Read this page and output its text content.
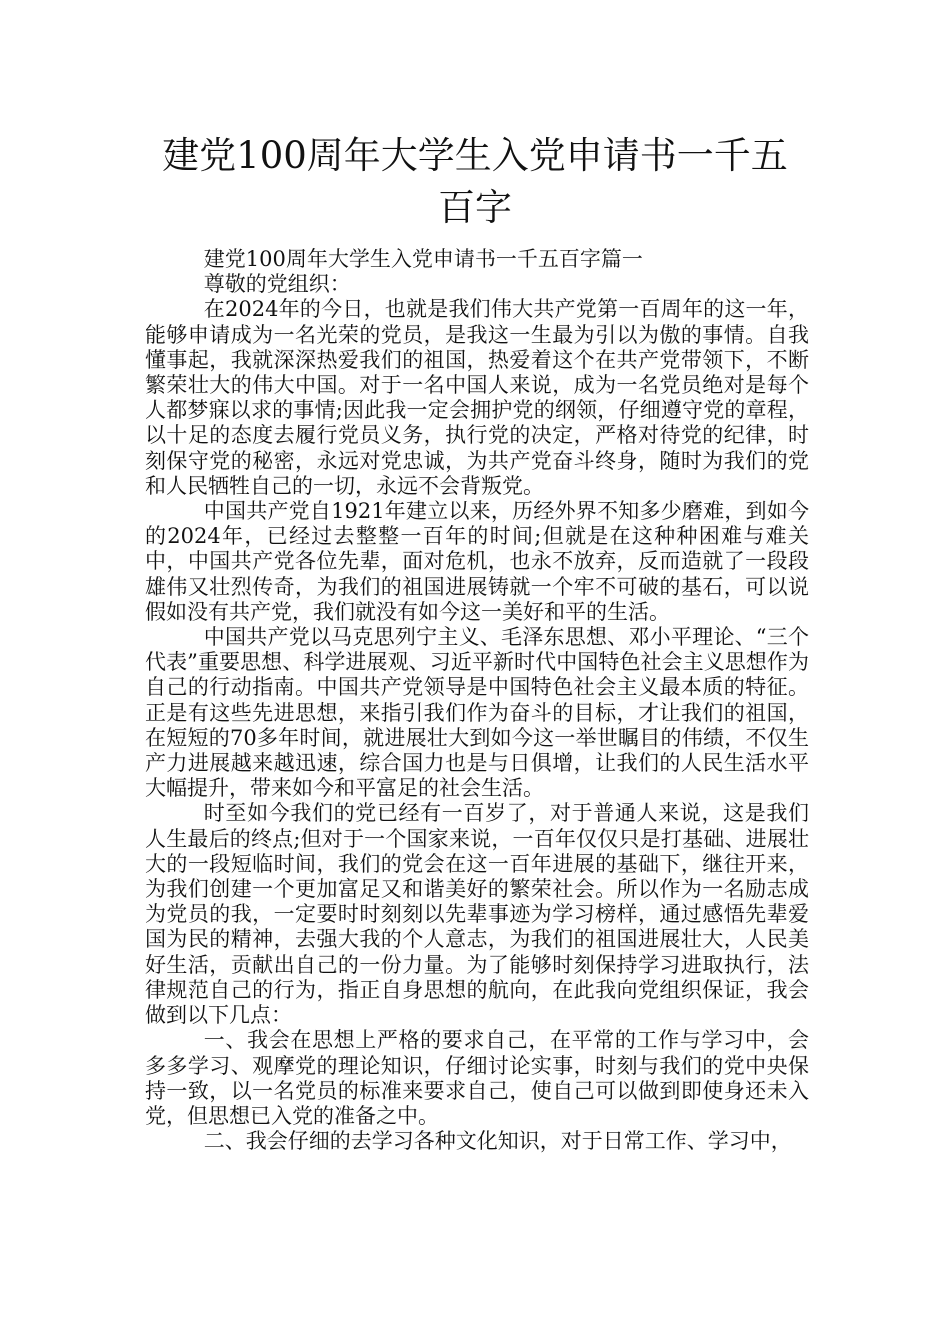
建党100周年大学生入党申请书一千五百字

建党100周年大学生入党申请书一千五百字篇一

尊敬的党组织：

在2024年的今日，也就是我们伟大共产党第一百周年的这一年，能够申请成为一名光荣的党员，是我这一生最为引以为傲的事情。自我懂事起，我就深深热爱我们的祖国，热爱着这个在共产党带领下，不断繁荣壮大的伟大中国。对于一名中国人来说，成为一名党员绝对是每个人都梦寐以求的事情;因此我一定会拥护党的纲领，仔细遵守党的章程，以十足的态度去履行党员义务，执行党的决定，严格对待党的纪律，时刻保守党的秘密，永远对党忠诚，为共产党奋斗终身，随时为我们的党和人民牺牲自己的一切，永远不会背叛党。

中国共产党自1921年建立以来，历经外界不知多少磨难，到如今的2024年，已经过去整整一百年的时间;但就是在这种种困难与难关中，中国共产党各位先辈，面对危机，也永不放弃，反而造就了一段段雄伟又壮烈传奇，为我们的祖国进展铸就一个牢不可破的基石，可以说假如没有共产党，我们就没有如今这一美好和平的生活。

中国共产党以马克思列宁主义、毛泽东思想、邓小平理论、“三个代表”重要思想、科学进展观、习近平新时代中国特色社会主义思想作为自己的行动指南。中国共产党领导是中国特色社会主义最本质的特征。正是有这些先进思想，来指引我们作为奋斗的目标，才让我们的祖国，在短短的70多年时间，就进展壮大到如今这一举世瞩目的伟绩，不仅生产力进展越来越迅速，综合国力也是与日俱增，让我们的人民生活水平大幅提升，带来如今和平富足的社会生活。

时至如今我们的党已经有一百岁了，对于普通人来说，这是我们人生最后的终点;但对于一个国家来说，一百年仅仅只是打基础、进展壮大的一段短临时间，我们的党会在这一百年进展的基础下，继往开来，为我们创建一个更加富足又和谐美好的繁荣社会。所以作为一名励志成为党员的我，一定要时时刻刻以先辈事迹为学习榜样，通过感悟先辈爱国为民的精神，去强大我的个人意志，为我们的祖国进展壮大，人民美好生活，贡献出自己的一份力量。为了能够时刻保持学习进取执行，法律规范自己的行为，指正自身思想的航向，在此我向党组织保证，我会做到以下几点：

一、我会在思想上严格的要求自己，在平常的工作与学习中，会多多学习、观摩党的理论知识，仔细讨论实事，时刻与我们的党中央保持一致，以一名党员的标准来要求自己，使自己可以做到即使身还未入党，但思想已入党的准备之中。

二、我会仔细的去学习各种文化知识，对于日常工作、学习中，
